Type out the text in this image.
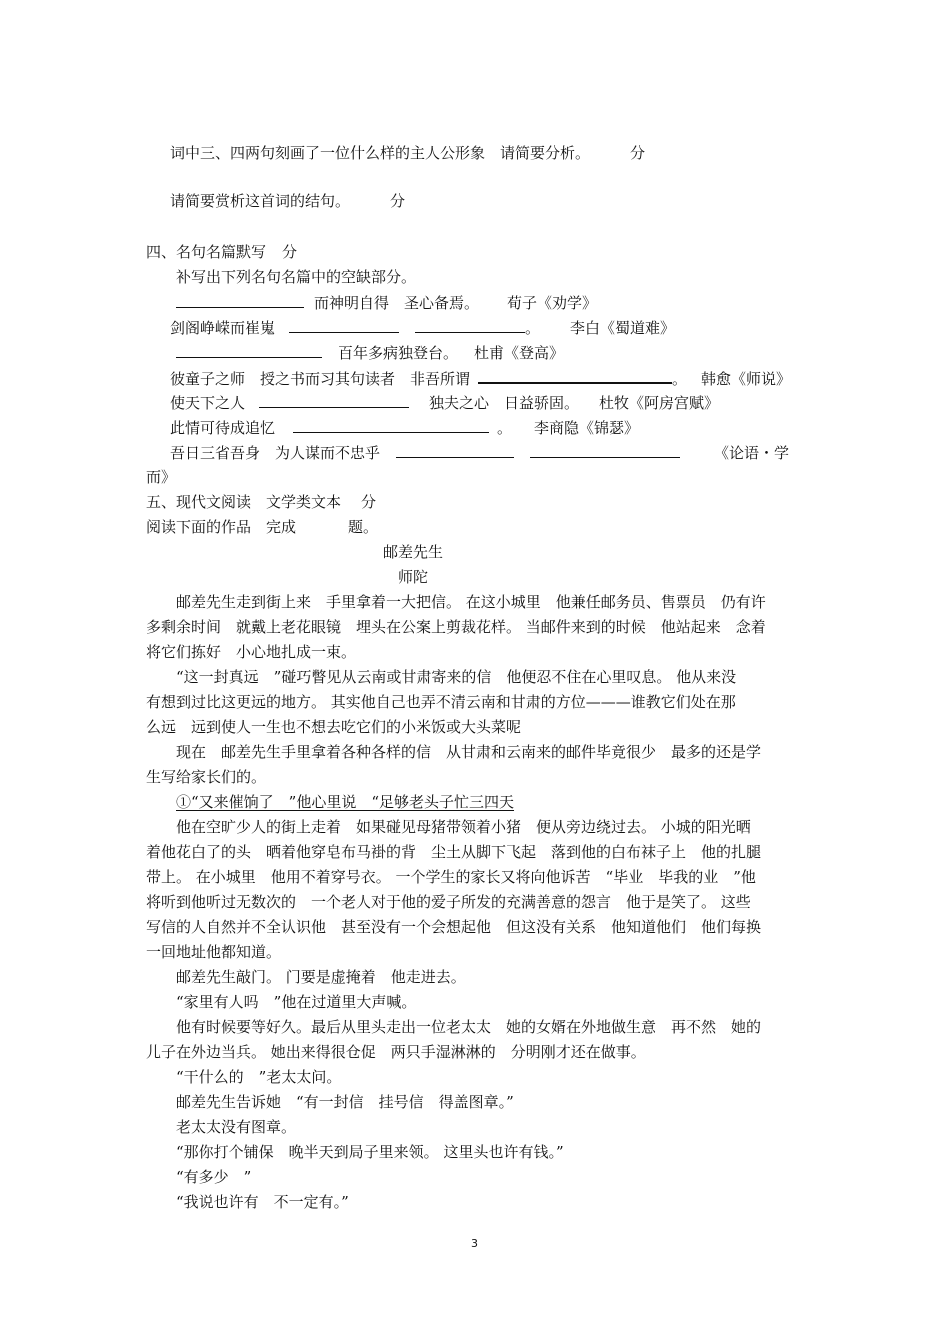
词中三、四两句刻画了一位什么样的主人公形象　请简要分析。	分
请简要赏析这首词的结句。	分
四、名句名篇默写 分
补写出下列名句名篇中的空缺部分。
而神明自得　圣心备焉。 荀子《劝学》
剑阁峥嵘而崔嵬	。 李白《蜀道难》
百年多病独登台。 杜甫《登高》
彼童子之师　授之书而习其句读者　非吾所谓	。 韩愈《师说》
使天下之人	独夫之心　日益骄固。 杜牧《阿房宫赋》
此情可待成追忆	。 李商隐《锦瑟》
吾日三省吾身　为人谋而不忠乎	《论语・学
而》
五、现代文阅读　文学类文本 分
阅读下面的作品　完成	题。
邮差先生
师陀
邮差先生走到街上来　手里拿着一大把信。 在这小城里　他兼任邮务员、售票员　仍有许
多剩余时间　就戴上老花眼镜　埋头在公案上剪裁花样。 当邮件来到的时候　他站起来　念着
将它们拣好　小心地扎成一束。
“这一封真远　”碰巧瞥见从云南或甘肃寄来的信　他便忍不住在心里叹息。 他从来没
有想到过比这更远的地方。 其实他自己也弄不清云南和甘肃的方位———谁教它们处在那
么远　远到使人一生也不想去吃它们的小米饭或大头菜呢
现在　邮差先生手里拿着各种各样的信　从甘肃和云南来的邮件毕竟很少　最多的还是学
生写给家长们的。
①“又来催饷了　”他心里说　“足够老头子忙三四天
他在空旷少人的街上走着　如果碰见母猪带领着小猪　便从旁边绕过去。 小城的阳光晒
着他花白了的头　晒着他穿皂布马褂的背　尘土从脚下飞起　落到他的白布袜子上　他的扎腿
带上。 在小城里　他用不着穿号衣。 一个学生的家长又将向他诉苦　“毕业　毕我的业　”他
将听到他听过无数次的　一个老人对于他的爱子所发的充满善意的怨言　他于是笑了。 这些
写信的人自然并不全认识他　甚至没有一个会想起他　但这没有关系　他知道他们　他们每换
一回地址他都知道。
邮差先生敲门。 门要是虚掩着　他走进去。
“家里有人吗　”他在过道里大声喊。
他有时候要等好久。最后从里头走出一位老太太　她的女婿在外地做生意　再不然　她的
儿子在外边当兵。 她出来得很仓促　两只手湿淋淋的　分明刚才还在做事。
“干什么的　”老太太问。
邮差先生告诉她　“有一封信　挂号信　得盖图章。”
老太太没有图章。
“那你打个铺保　晚半天到局子里来领。 这里头也许有钱。”
“有多少　”
“我说也许有　不一定有。”
3
